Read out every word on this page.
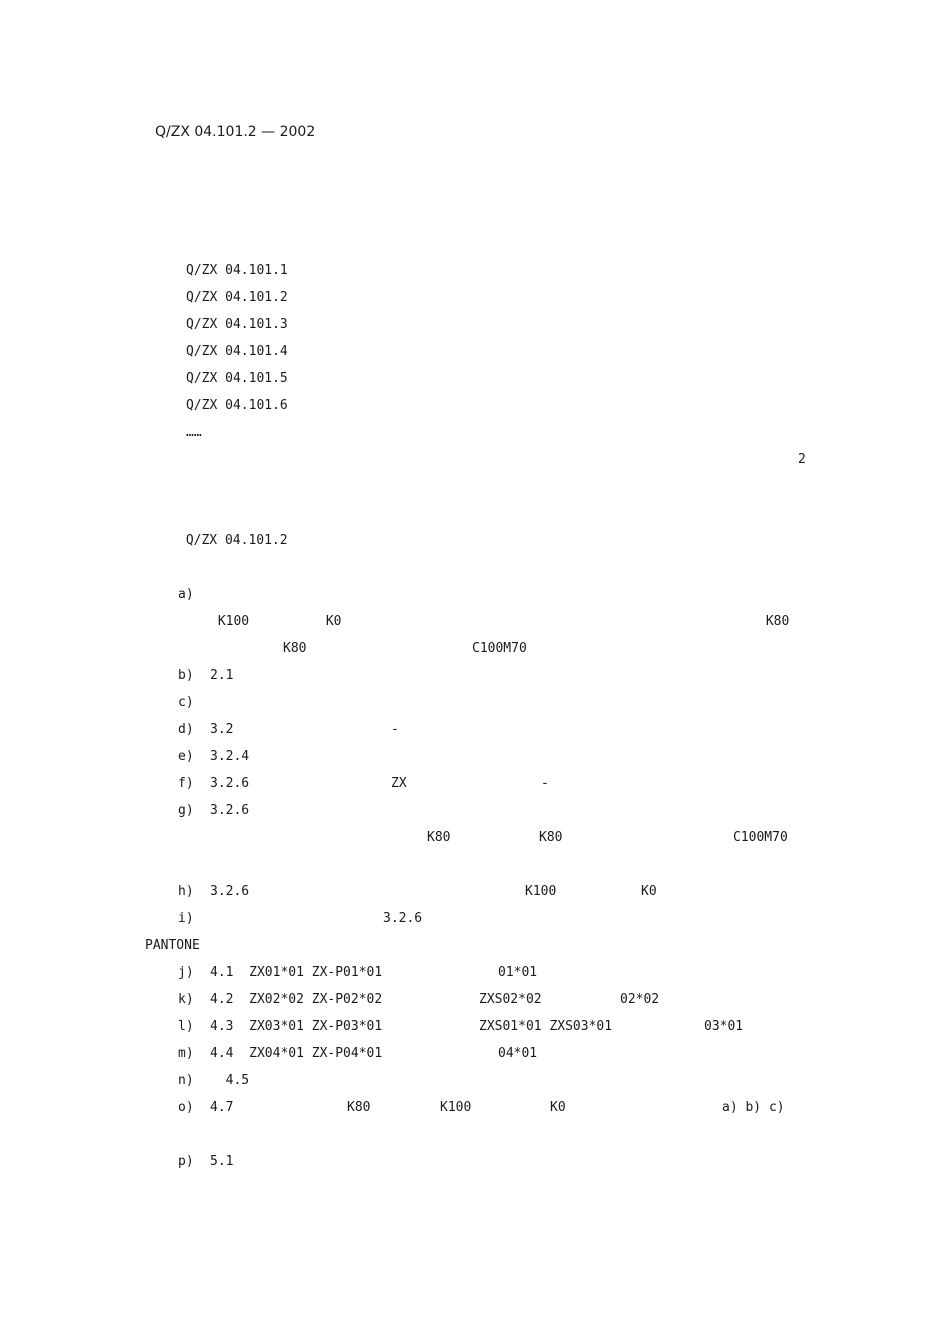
Q/ZX 04.101.2 — 2002
Q/ZX 04.101.1
Q/ZX 04.101.2
Q/ZX 04.101.3
Q/ZX 04.101.4
Q/ZX 04.101.5
Q/ZX 04.101.6
……
2
Q/ZX 04.101.2
a)
K100	K0	K80
K80	C100M70
b) 2.1
c)
d) 3.2	-
e) 3.2.4
f) 3.2.6	ZX	-
g) 3.2.6
K80	K80	C100M70
h) 3.2.6	K100	K0
i)	3.2.6
PANTONE
j) 4.1  ZX01*01 ZX-P01*01	01*01
k) 4.2  ZX02*02 ZX-P02*02	ZXS02*02	02*02
l) 4.3  ZX03*01 ZX-P03*01	ZXS01*01 ZXS03*01	03*01
m) 4.4  ZX04*01 ZX-P04*01	04*01
n) 4.5
o) 4.7	K80	K100	K0	a) b) c)
p) 5.1
